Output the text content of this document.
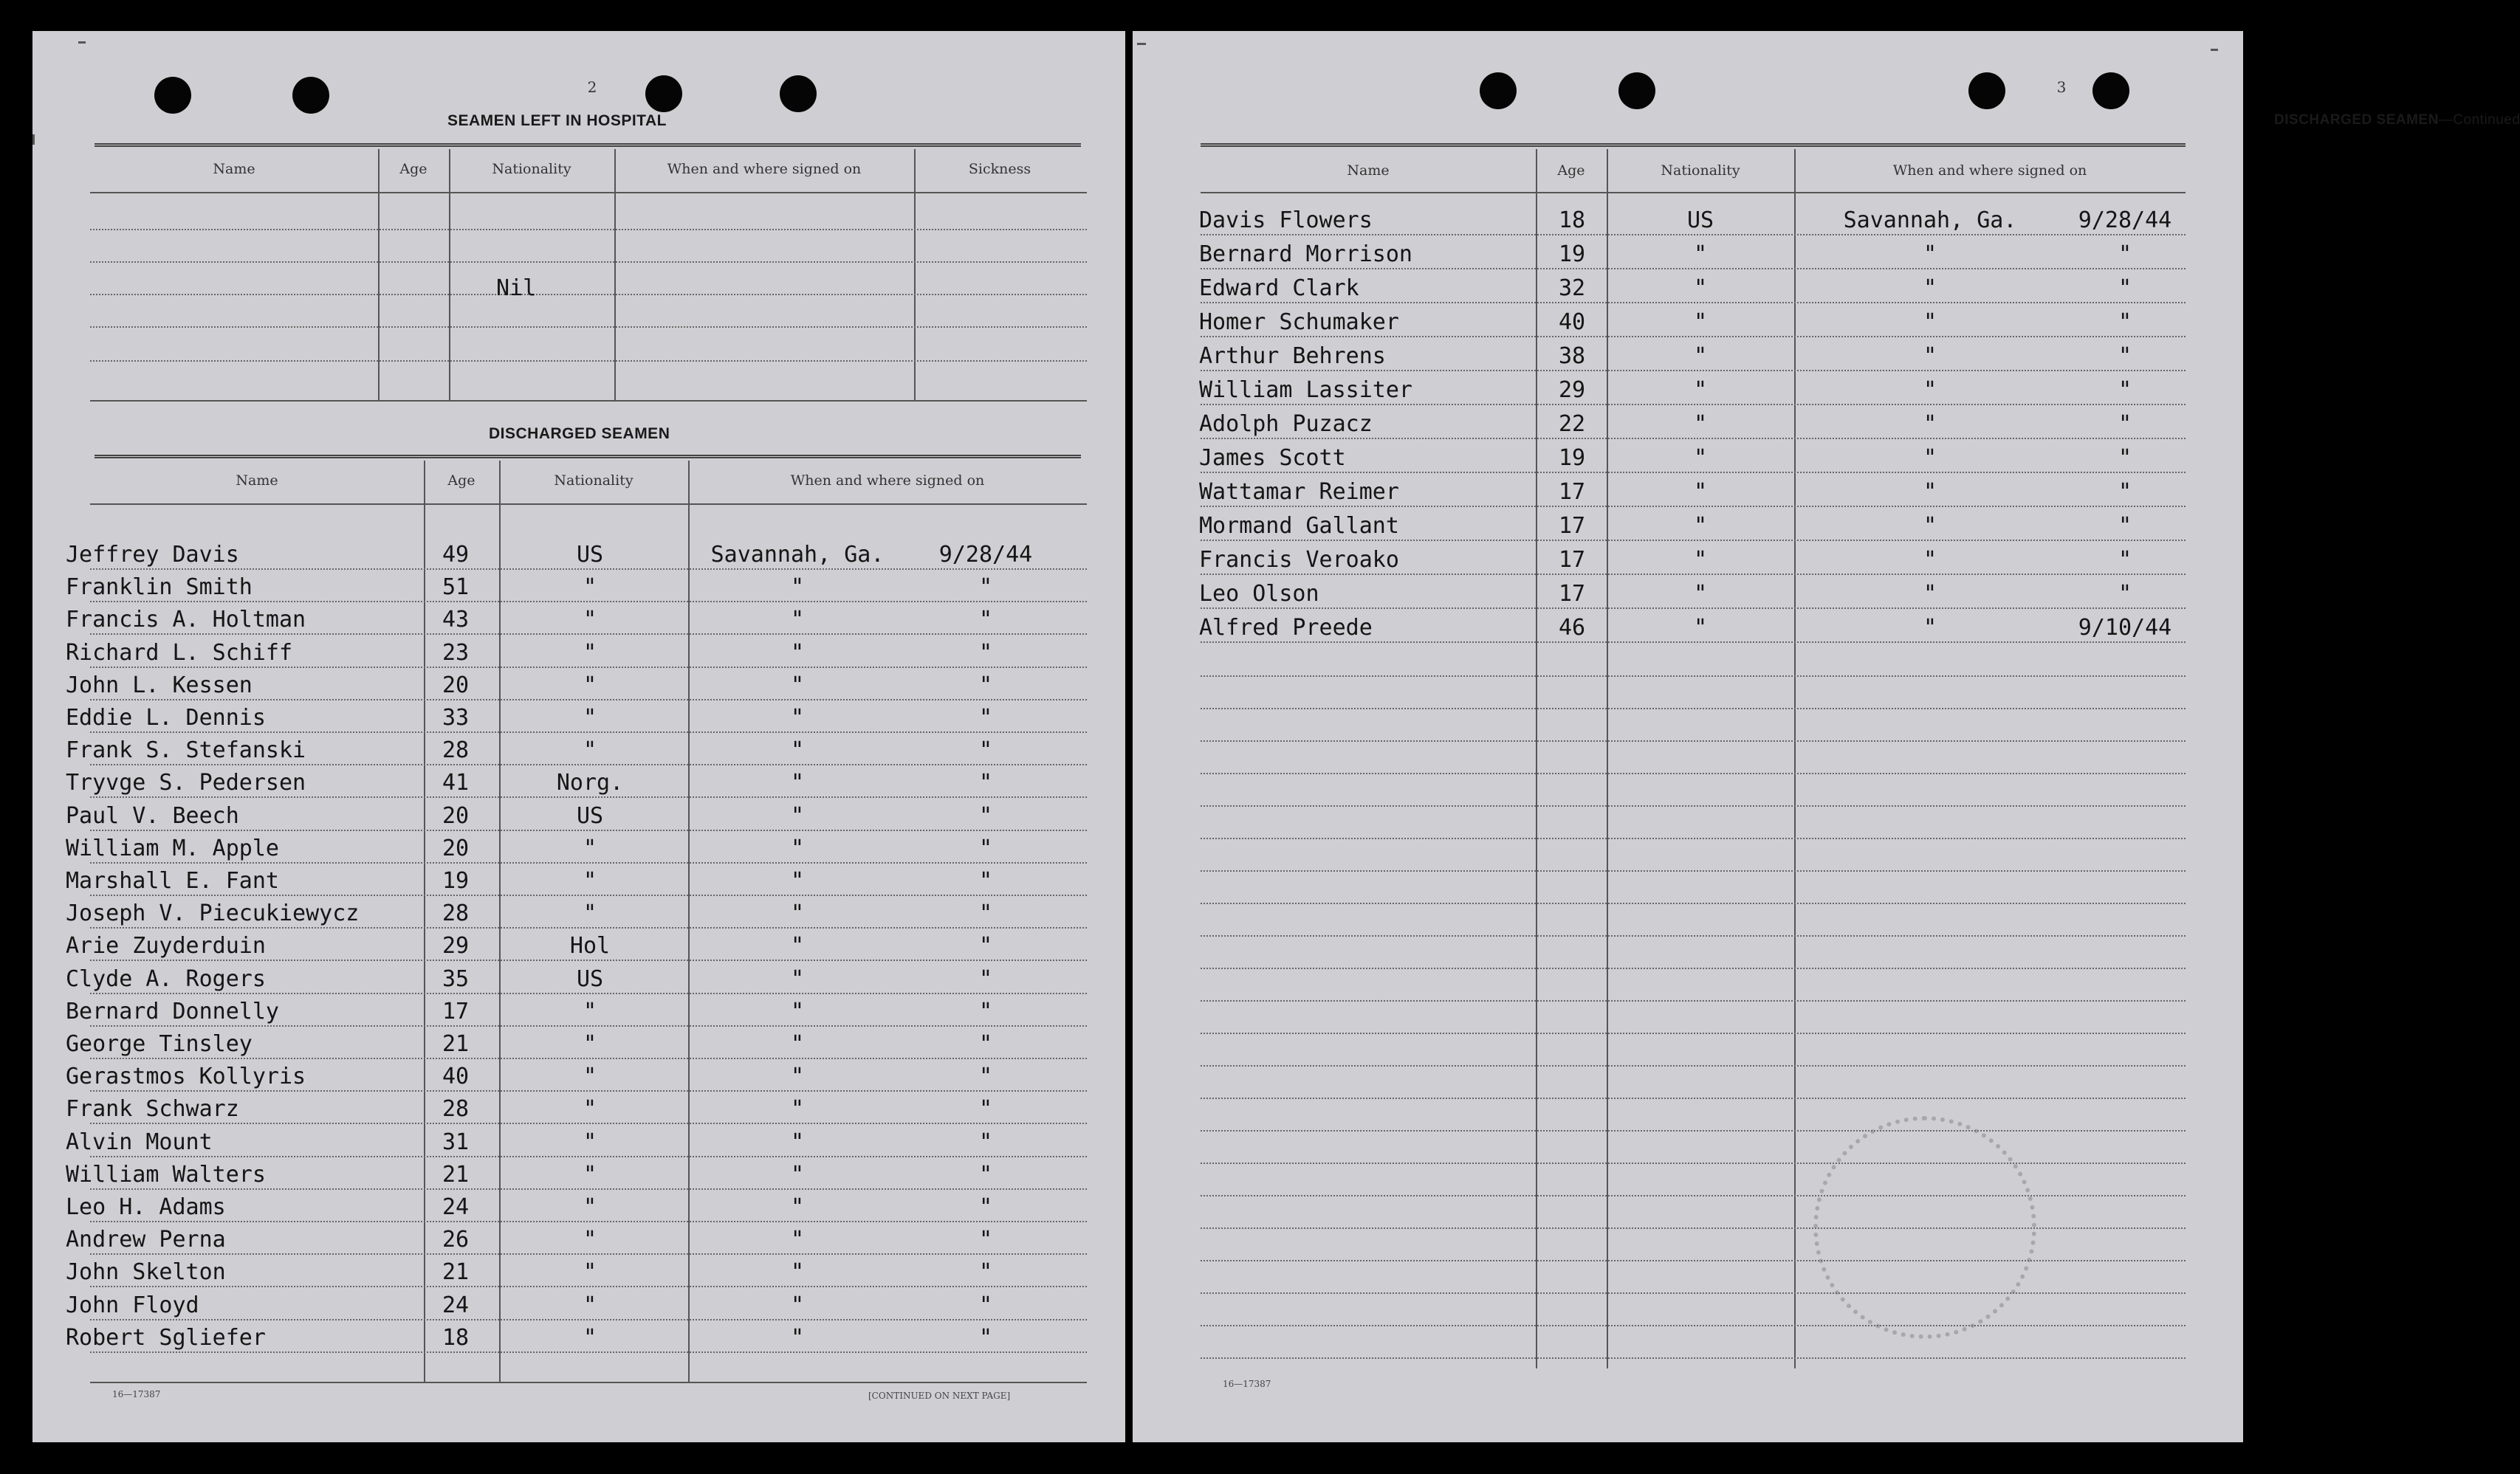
2
SEAMEN LEFT IN HOSPITAL
Name	Age	Nationality	When and where signed on	Sickness
Nil
DISCHARGED SEAMEN
Name	Age	Nationality	When and where signed on
Jeffrey Davis	49	US	Savannah, Ga.	9/28/44
Franklin Smith	51	"	"	"
Francis A. Holtman	43	"	"	"
Richard L. Schiff	23	"	"	"
John L. Kessen	20	"	"	"
Eddie L. Dennis	33	"	"	"
Frank S. Stefanski	28	"	"	"
Tryvge S. Pedersen	41	Norg.	"	"
Paul V. Beech	20	US	"	"
William M. Apple	20	"	"	"
Marshall E. Fant	19	"	"	"
Joseph V. Piecukiewycz	28	"	"	"
Arie Zuyderduin	29	Hol	"	"
Clyde A. Rogers	35	US	"	"
Bernard Donnelly	17	"	"	"
George Tinsley	21	"	"	"
Gerastmos Kollyris	40	"	"	"
Frank Schwarz	28	"	"	"
Alvin Mount	31	"	"	"
William Walters	21	"	"	"
Leo H. Adams	24	"	"	"
Andrew Perna	26	"	"	"
John Skelton	21	"	"	"
John Floyd	24	"	"	"
Robert Sgliefer	18	"	"	"
16—17387	[CONTINUED ON NEXT PAGE]
3
DISCHARGED SEAMEN—Continued
Name	Age	Nationality	When and where signed on
Davis Flowers	18	US	Savannah, Ga.	9/28/44
Bernard Morrison	19	"	"	"
Edward Clark	32	"	"	"
Homer Schumaker	40	"	"	"
Arthur Behrens	38	"	"	"
William Lassiter	29	"	"	"
Adolph Puzacz	22	"	"	"
James Scott	19	"	"	"
Wattamar Reimer	17	"	"	"
Mormand Gallant	17	"	"	"
Francis Veroako	17	"	"	"
Leo Olson	17	"	"	"
Alfred Preede	46	"	"	9/10/44
16—17387
